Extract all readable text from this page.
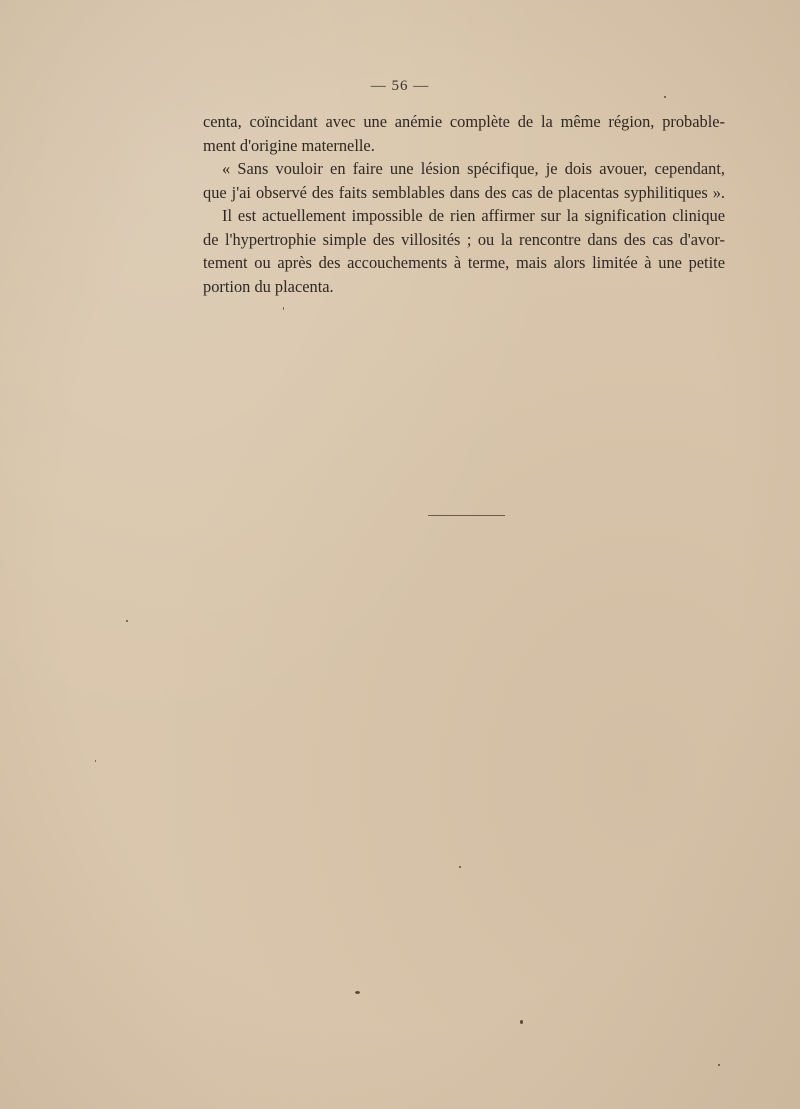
— 56 —

centa, coïncidant avec une anémie complète de la même région, probable-
ment d'origine maternelle.

« Sans vouloir en faire une lésion spécifique, je dois avouer, cependant,
que j'ai observé des faits semblables dans des cas de placentas syphilitiques ».

Il est actuellement impossible de rien affirmer sur la signification clinique
de l'hypertrophie simple des villosités ; ou la rencontre dans des cas d'avor-
tement ou après des accouchements à terme, mais alors limitée à une petite
portion du placenta.
